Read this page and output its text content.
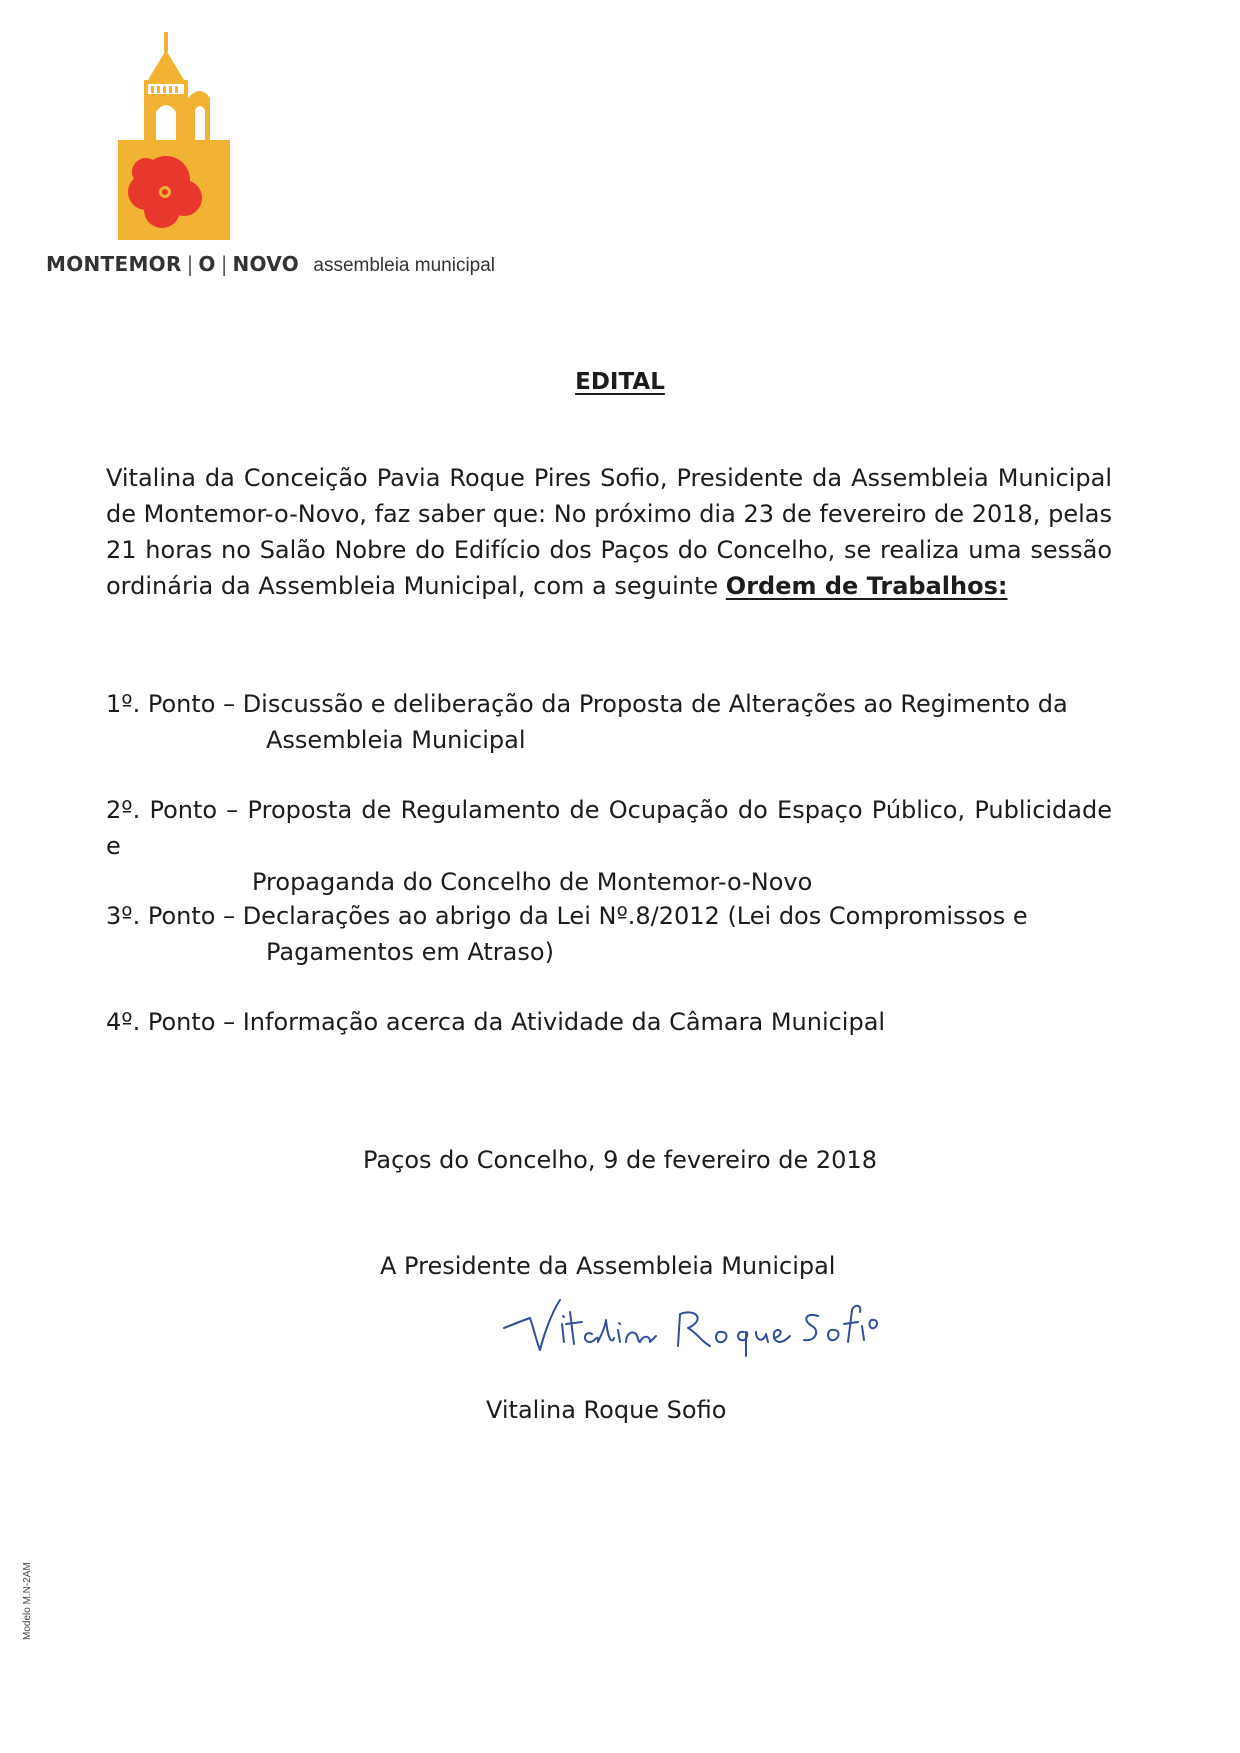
MONTEMOR | O | NOVO assembleia municipal
EDITAL
Vitalina da Conceição Pavia Roque Pires Sofio, Presidente da Assembleia Municipal de Montemor-o-Novo, faz saber que: No próximo dia 23 de fevereiro de 2018, pelas 21 horas no Salão Nobre do Edifício dos Paços do Concelho, se realiza uma sessão ordinária da Assembleia Municipal, com a seguinte Ordem de Trabalhos:
1º. Ponto – Discussão e deliberação da Proposta de Alterações ao Regimento da
Assembleia Municipal
2º. Ponto – Proposta de Regulamento de Ocupação do Espaço Público, Publicidade e
Propaganda do Concelho de Montemor-o-Novo
3º. Ponto – Declarações ao abrigo da Lei Nº.8/2012 (Lei dos Compromissos e
Pagamentos em Atraso)
4º. Ponto – Informação acerca da Atividade da Câmara Municipal
Paços do Concelho, 9 de fevereiro de 2018
A Presidente da Assembleia Municipal
Vitalina Roque Sofio
Modelo M.N-2AM
